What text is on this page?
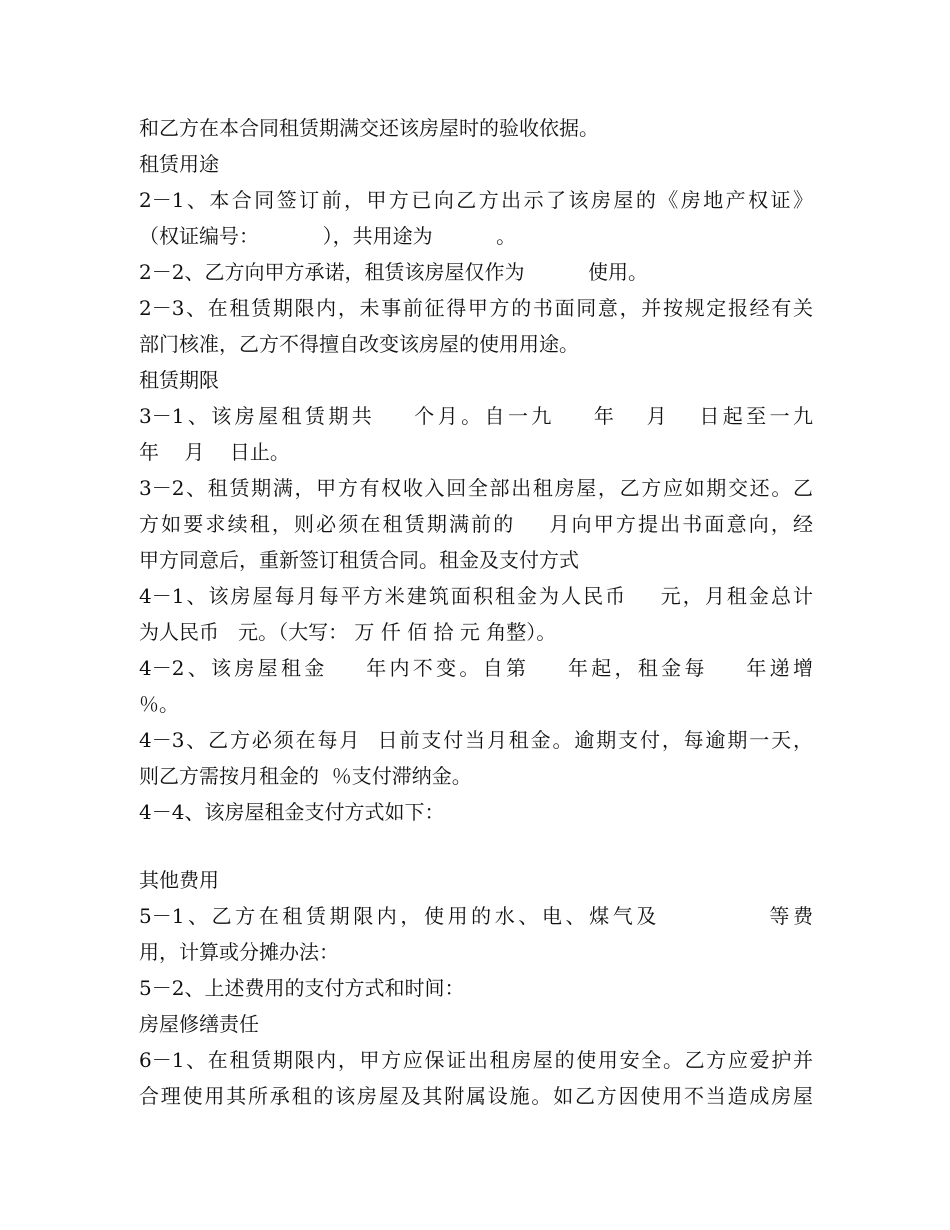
和乙方在本合同租赁期满交还该房屋时的验收依据。
租赁用途
2－1、本合同签订前，甲方已向乙方出示了该房屋的《房地产权证》
（权证编号：          ），共用途为          。
2－2、乙方向甲方承诺，租赁该房屋仅作为          使用。
2－3、在租赁期限内，未事前征得甲方的书面同意，并按规定报经有关
部门核准，乙方不得擅自改变该房屋的使用用途。
租赁期限
3－1、该房屋租赁期共    个月。自一九    年   月   日起至一九
年    月    日止。
3－2、租赁期满，甲方有权收入回全部出租房屋，乙方应如期交还。乙
方如要求续租，则必须在租赁期满前的    月向甲方提出书面意向，经
甲方同意后，重新签订租赁合同。租金及支付方式
4－1、该房屋每月每平方米建筑面积租金为人民币    元，月租金总计
为人民币   元。（大写： 万 仟 佰 拾 元 角整）。
4－2、该房屋租金    年内不变。自第    年起，租金每    年递增
％。
4－3、乙方必须在每月  日前支付当月租金。逾期支付，每逾期一天，
则乙方需按月租金的  ％支付滞纳金。
4－4、该房屋租金支付方式如下：
其他费用
5－1、乙方在租赁期限内，使用的水、电、煤气及           等费
用，计算或分摊办法：
5－2、上述费用的支付方式和时间：
房屋修缮责任
6－1、在租赁期限内，甲方应保证出租房屋的使用安全。乙方应爱护并
合理使用其所承租的该房屋及其附属设施。如乙方因使用不当造成房屋
